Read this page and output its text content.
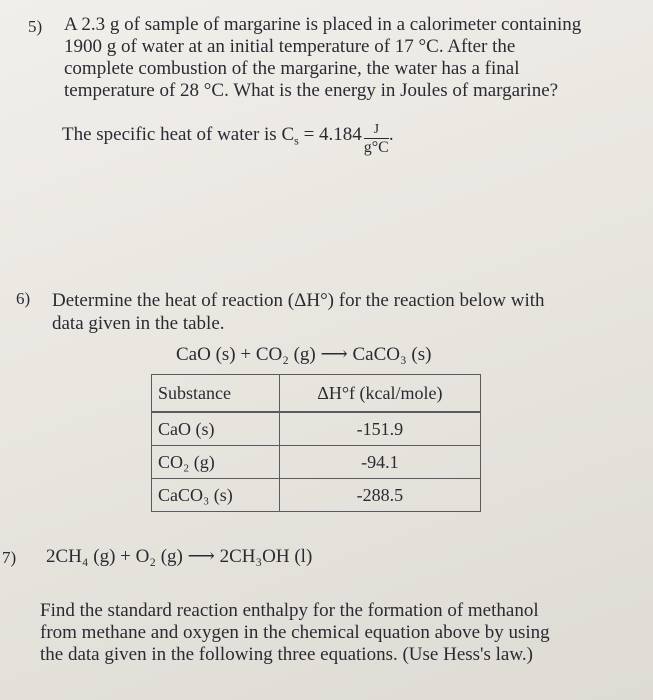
5) A 2.3 g of sample of margarine is placed in a calorimeter containing
1900 g of water at an initial temperature of 17 °C. After the
complete combustion of the margarine, the water has a final
temperature of 28 °C. What is the energy in Joules of margarine?
The specific heat of water is $C_s = 4.184 \frac{J}{g^\circ C}$ .
6) Determine the heat of reaction (ΔH°) for the reaction below with
data given in the table.
CaO (s) + CO₂ (g) ⟶ CaCO₃ (s)
Substance	ΔH°f (kcal/mole)
CaO (s)	-151.9
CO₂ (g)	-94.1
CaCO₃ (s)	-288.5
7) 2CH₄ (g) + O₂ (g) ⟶ 2CH₃OH (l)
Find the standard reaction enthalpy for the formation of methanol
from methane and oxygen in the chemical equation above by using
the data given in the following three equations. (Use Hess's law.)
